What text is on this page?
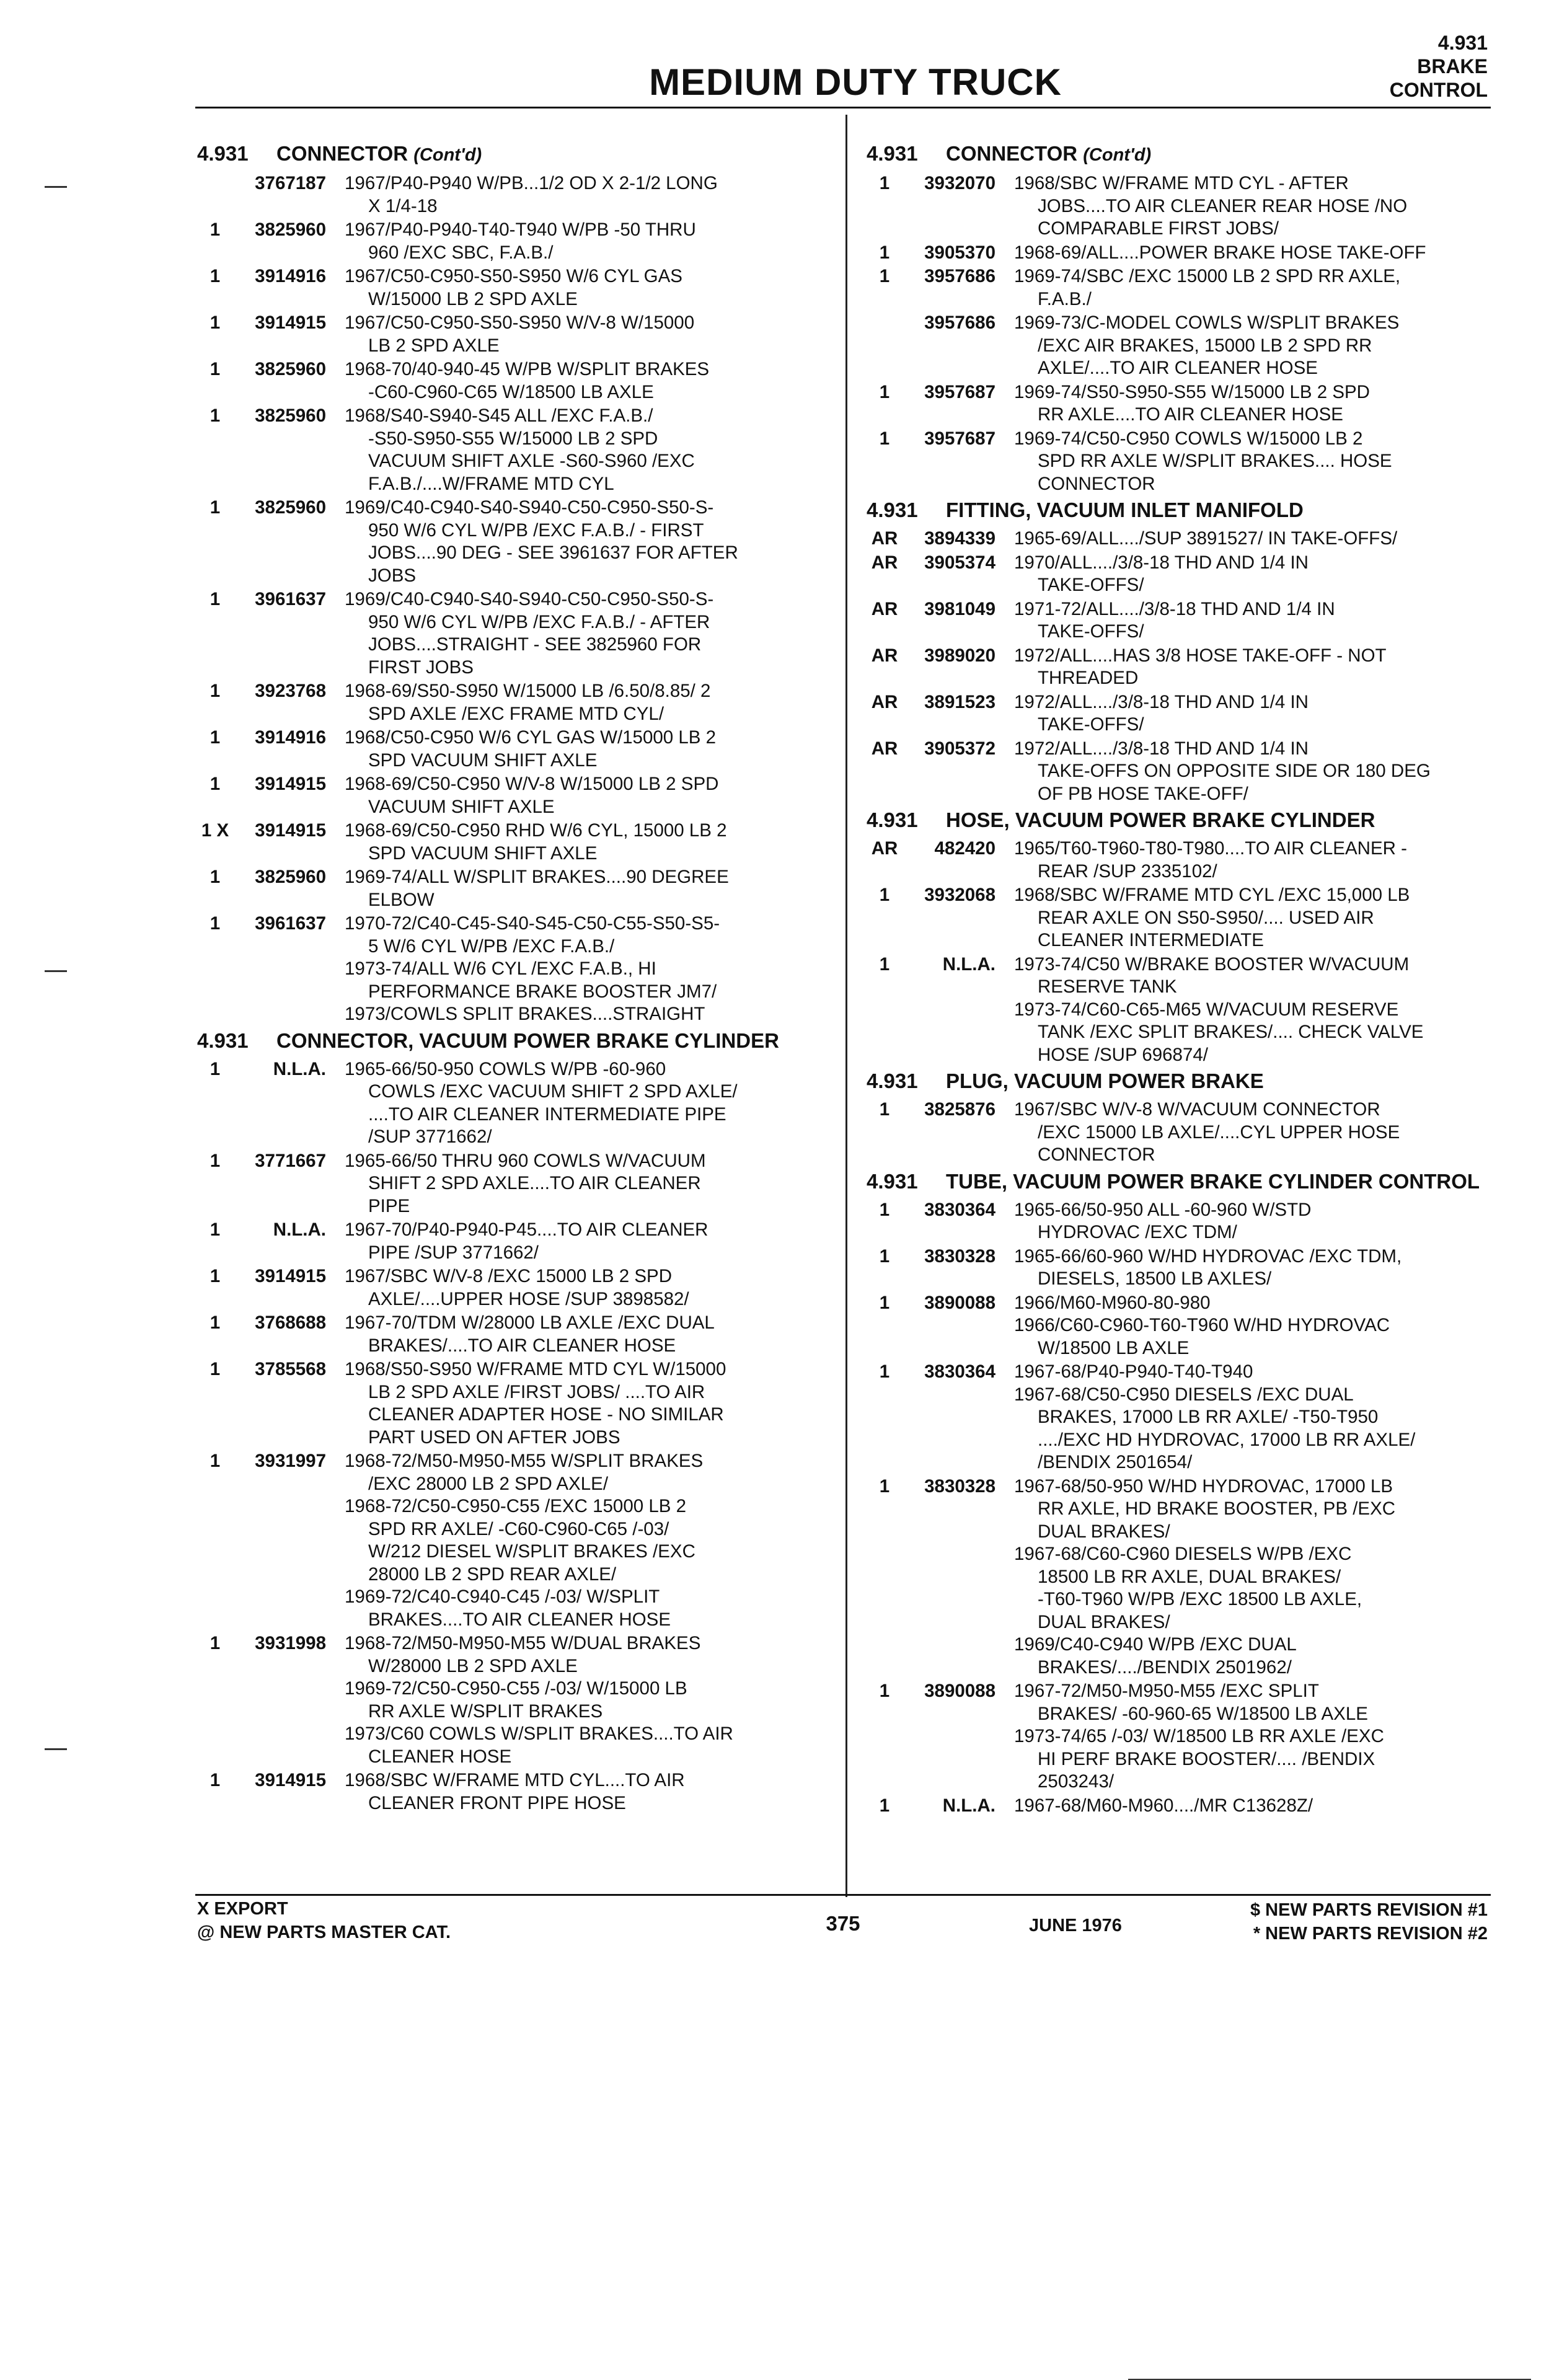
MEDIUM DUTY TRUCK
4.931
BRAKE
CONTROL
4.931	CONNECTOR (Cont'd)
3767187	1967/P40-P940 W/PB...1/2 OD X 2-1/2 LONG
X 1/4-18
1	3825960	1967/P40-P940-T40-T940 W/PB -50 THRU
960 /EXC SBC, F.A.B./
1	3914916	1967/C50-C950-S50-S950 W/6 CYL GAS
W/15000 LB 2 SPD AXLE
1	3914915	1967/C50-C950-S50-S950 W/V-8 W/15000
LB 2 SPD AXLE
1	3825960	1968-70/40-940-45 W/PB W/SPLIT BRAKES
-C60-C960-C65 W/18500 LB AXLE
1	3825960	1968/S40-S940-S45 ALL /EXC F.A.B./
-S50-S950-S55 W/15000 LB 2 SPD
VACUUM SHIFT AXLE -S60-S960 /EXC
F.A.B./....W/FRAME MTD CYL
1	3825960	1969/C40-C940-S40-S940-C50-C950-S50-S-
950 W/6 CYL W/PB /EXC F.A.B./ - FIRST
JOBS....90 DEG - SEE 3961637 FOR AFTER
JOBS
1	3961637	1969/C40-C940-S40-S940-C50-C950-S50-S-
950 W/6 CYL W/PB /EXC F.A.B./ - AFTER
JOBS....STRAIGHT - SEE 3825960 FOR
FIRST JOBS
1	3923768	1968-69/S50-S950 W/15000 LB /6.50/8.85/ 2
SPD AXLE /EXC FRAME MTD CYL/
1	3914916	1968/C50-C950 W/6 CYL GAS W/15000 LB 2
SPD VACUUM SHIFT AXLE
1	3914915	1968-69/C50-C950 W/V-8 W/15000 LB 2 SPD
VACUUM SHIFT AXLE
1 X	3914915	1968-69/C50-C950 RHD W/6 CYL, 15000 LB 2
SPD VACUUM SHIFT AXLE
1	3825960	1969-74/ALL W/SPLIT BRAKES....90 DEGREE
ELBOW
1	3961637	1970-72/C40-C45-S40-S45-C50-C55-S50-S5-
5 W/6 CYL W/PB /EXC F.A.B./
1973-74/ALL W/6 CYL /EXC F.A.B., HI
PERFORMANCE BRAKE BOOSTER JM7/
1973/COWLS SPLIT BRAKES....STRAIGHT
4.931	CONNECTOR, VACUUM POWER BRAKE CYLINDER
1	N.L.A.	1965-66/50-950 COWLS W/PB -60-960
COWLS /EXC VACUUM SHIFT 2 SPD AXLE/
....TO AIR CLEANER INTERMEDIATE PIPE
/SUP 3771662/
1	3771667	1965-66/50 THRU 960 COWLS W/VACUUM
SHIFT 2 SPD AXLE....TO AIR CLEANER
PIPE
1	N.L.A.	1967-70/P40-P940-P45....TO AIR CLEANER
PIPE /SUP 3771662/
1	3914915	1967/SBC W/V-8 /EXC 15000 LB 2 SPD
AXLE/....UPPER HOSE /SUP 3898582/
1	3768688	1967-70/TDM W/28000 LB AXLE /EXC DUAL
BRAKES/....TO AIR CLEANER HOSE
1	3785568	1968/S50-S950 W/FRAME MTD CYL W/15000
LB 2 SPD AXLE /FIRST JOBS/ ....TO AIR
CLEANER ADAPTER HOSE - NO SIMILAR
PART USED ON AFTER JOBS
1	3931997	1968-72/M50-M950-M55 W/SPLIT BRAKES
/EXC 28000 LB 2 SPD AXLE/
1968-72/C50-C950-C55 /EXC 15000 LB 2
SPD RR AXLE/ -C60-C960-C65 /-03/
W/212 DIESEL W/SPLIT BRAKES /EXC
28000 LB 2 SPD REAR AXLE/
1969-72/C40-C940-C45 /-03/ W/SPLIT
BRAKES....TO AIR CLEANER HOSE
1	3931998	1968-72/M50-M950-M55 W/DUAL BRAKES
W/28000 LB 2 SPD AXLE
1969-72/C50-C950-C55 /-03/ W/15000 LB
RR AXLE W/SPLIT BRAKES
1973/C60 COWLS W/SPLIT BRAKES....TO AIR
CLEANER HOSE
1	3914915	1968/SBC W/FRAME MTD CYL....TO AIR
CLEANER FRONT PIPE HOSE
4.931	CONNECTOR (Cont'd)
1	3932070	1968/SBC W/FRAME MTD CYL - AFTER
JOBS....TO AIR CLEANER REAR HOSE /NO
COMPARABLE FIRST JOBS/
1	3905370	1968-69/ALL....POWER BRAKE HOSE TAKE-OFF
1	3957686	1969-74/SBC /EXC 15000 LB 2 SPD RR AXLE,
F.A.B./
3957686	1969-73/C-MODEL COWLS W/SPLIT BRAKES
/EXC AIR BRAKES, 15000 LB 2 SPD RR
AXLE/....TO AIR CLEANER HOSE
1	3957687	1969-74/S50-S950-S55 W/15000 LB 2 SPD
RR AXLE....TO AIR CLEANER HOSE
1	3957687	1969-74/C50-C950 COWLS W/15000 LB 2
SPD RR AXLE W/SPLIT BRAKES.... HOSE
CONNECTOR
4.931	FITTING, VACUUM INLET MANIFOLD
AR	3894339	1965-69/ALL..../SUP 3891527/ IN TAKE-OFFS/
AR	3905374	1970/ALL..../3/8-18 THD AND 1/4 IN
TAKE-OFFS/
AR	3981049	1971-72/ALL..../3/8-18 THD AND 1/4 IN
TAKE-OFFS/
AR	3989020	1972/ALL....HAS 3/8 HOSE TAKE-OFF - NOT
THREADED
AR	3891523	1972/ALL..../3/8-18 THD AND 1/4 IN
TAKE-OFFS/
AR	3905372	1972/ALL..../3/8-18 THD AND 1/4 IN
TAKE-OFFS ON OPPOSITE SIDE OR 180 DEG
OF PB HOSE TAKE-OFF/
4.931	HOSE, VACUUM POWER BRAKE CYLINDER
AR	482420	1965/T60-T960-T80-T980....TO AIR CLEANER -
REAR /SUP 2335102/
1	3932068	1968/SBC W/FRAME MTD CYL /EXC 15,000 LB
REAR AXLE ON S50-S950/.... USED AIR
CLEANER INTERMEDIATE
1	N.L.A.	1973-74/C50 W/BRAKE BOOSTER W/VACUUM
RESERVE TANK
1973-74/C60-C65-M65 W/VACUUM RESERVE
TANK /EXC SPLIT BRAKES/.... CHECK VALVE
HOSE /SUP 696874/
4.931	PLUG, VACUUM POWER BRAKE
1	3825876	1967/SBC W/V-8 W/VACUUM CONNECTOR
/EXC 15000 LB AXLE/....CYL UPPER HOSE
CONNECTOR
4.931	TUBE, VACUUM POWER BRAKE CYLINDER CONTROL
1	3830364	1965-66/50-950 ALL -60-960 W/STD
HYDROVAC /EXC TDM/
1	3830328	1965-66/60-960 W/HD HYDROVAC /EXC TDM,
DIESELS, 18500 LB AXLES/
1	3890088	1966/M60-M960-80-980
1966/C60-C960-T60-T960 W/HD HYDROVAC
W/18500 LB AXLE
1	3830364	1967-68/P40-P940-T40-T940
1967-68/C50-C950 DIESELS /EXC DUAL
BRAKES, 17000 LB RR AXLE/ -T50-T950
..../EXC HD HYDROVAC, 17000 LB RR AXLE/
/BENDIX 2501654/
1	3830328	1967-68/50-950 W/HD HYDROVAC, 17000 LB
RR AXLE, HD BRAKE BOOSTER, PB /EXC
DUAL BRAKES/
1967-68/C60-C960 DIESELS W/PB /EXC
18500 LB RR AXLE, DUAL BRAKES/
-T60-T960 W/PB /EXC 18500 LB AXLE,
DUAL BRAKES/
1969/C40-C940 W/PB /EXC DUAL
BRAKES/..../BENDIX 2501962/
1	3890088	1967-72/M50-M950-M55 /EXC SPLIT
BRAKES/ -60-960-65 W/18500 LB AXLE
1973-74/65 /-03/ W/18500 LB RR AXLE /EXC
HI PERF BRAKE BOOSTER/.... /BENDIX
2503243/
1	N.L.A.	1967-68/M60-M960..../MR C13628Z/
X EXPORT
@ NEW PARTS MASTER CAT.	375	JUNE 1976
$ NEW PARTS REVISION #1
* NEW PARTS REVISION #2
